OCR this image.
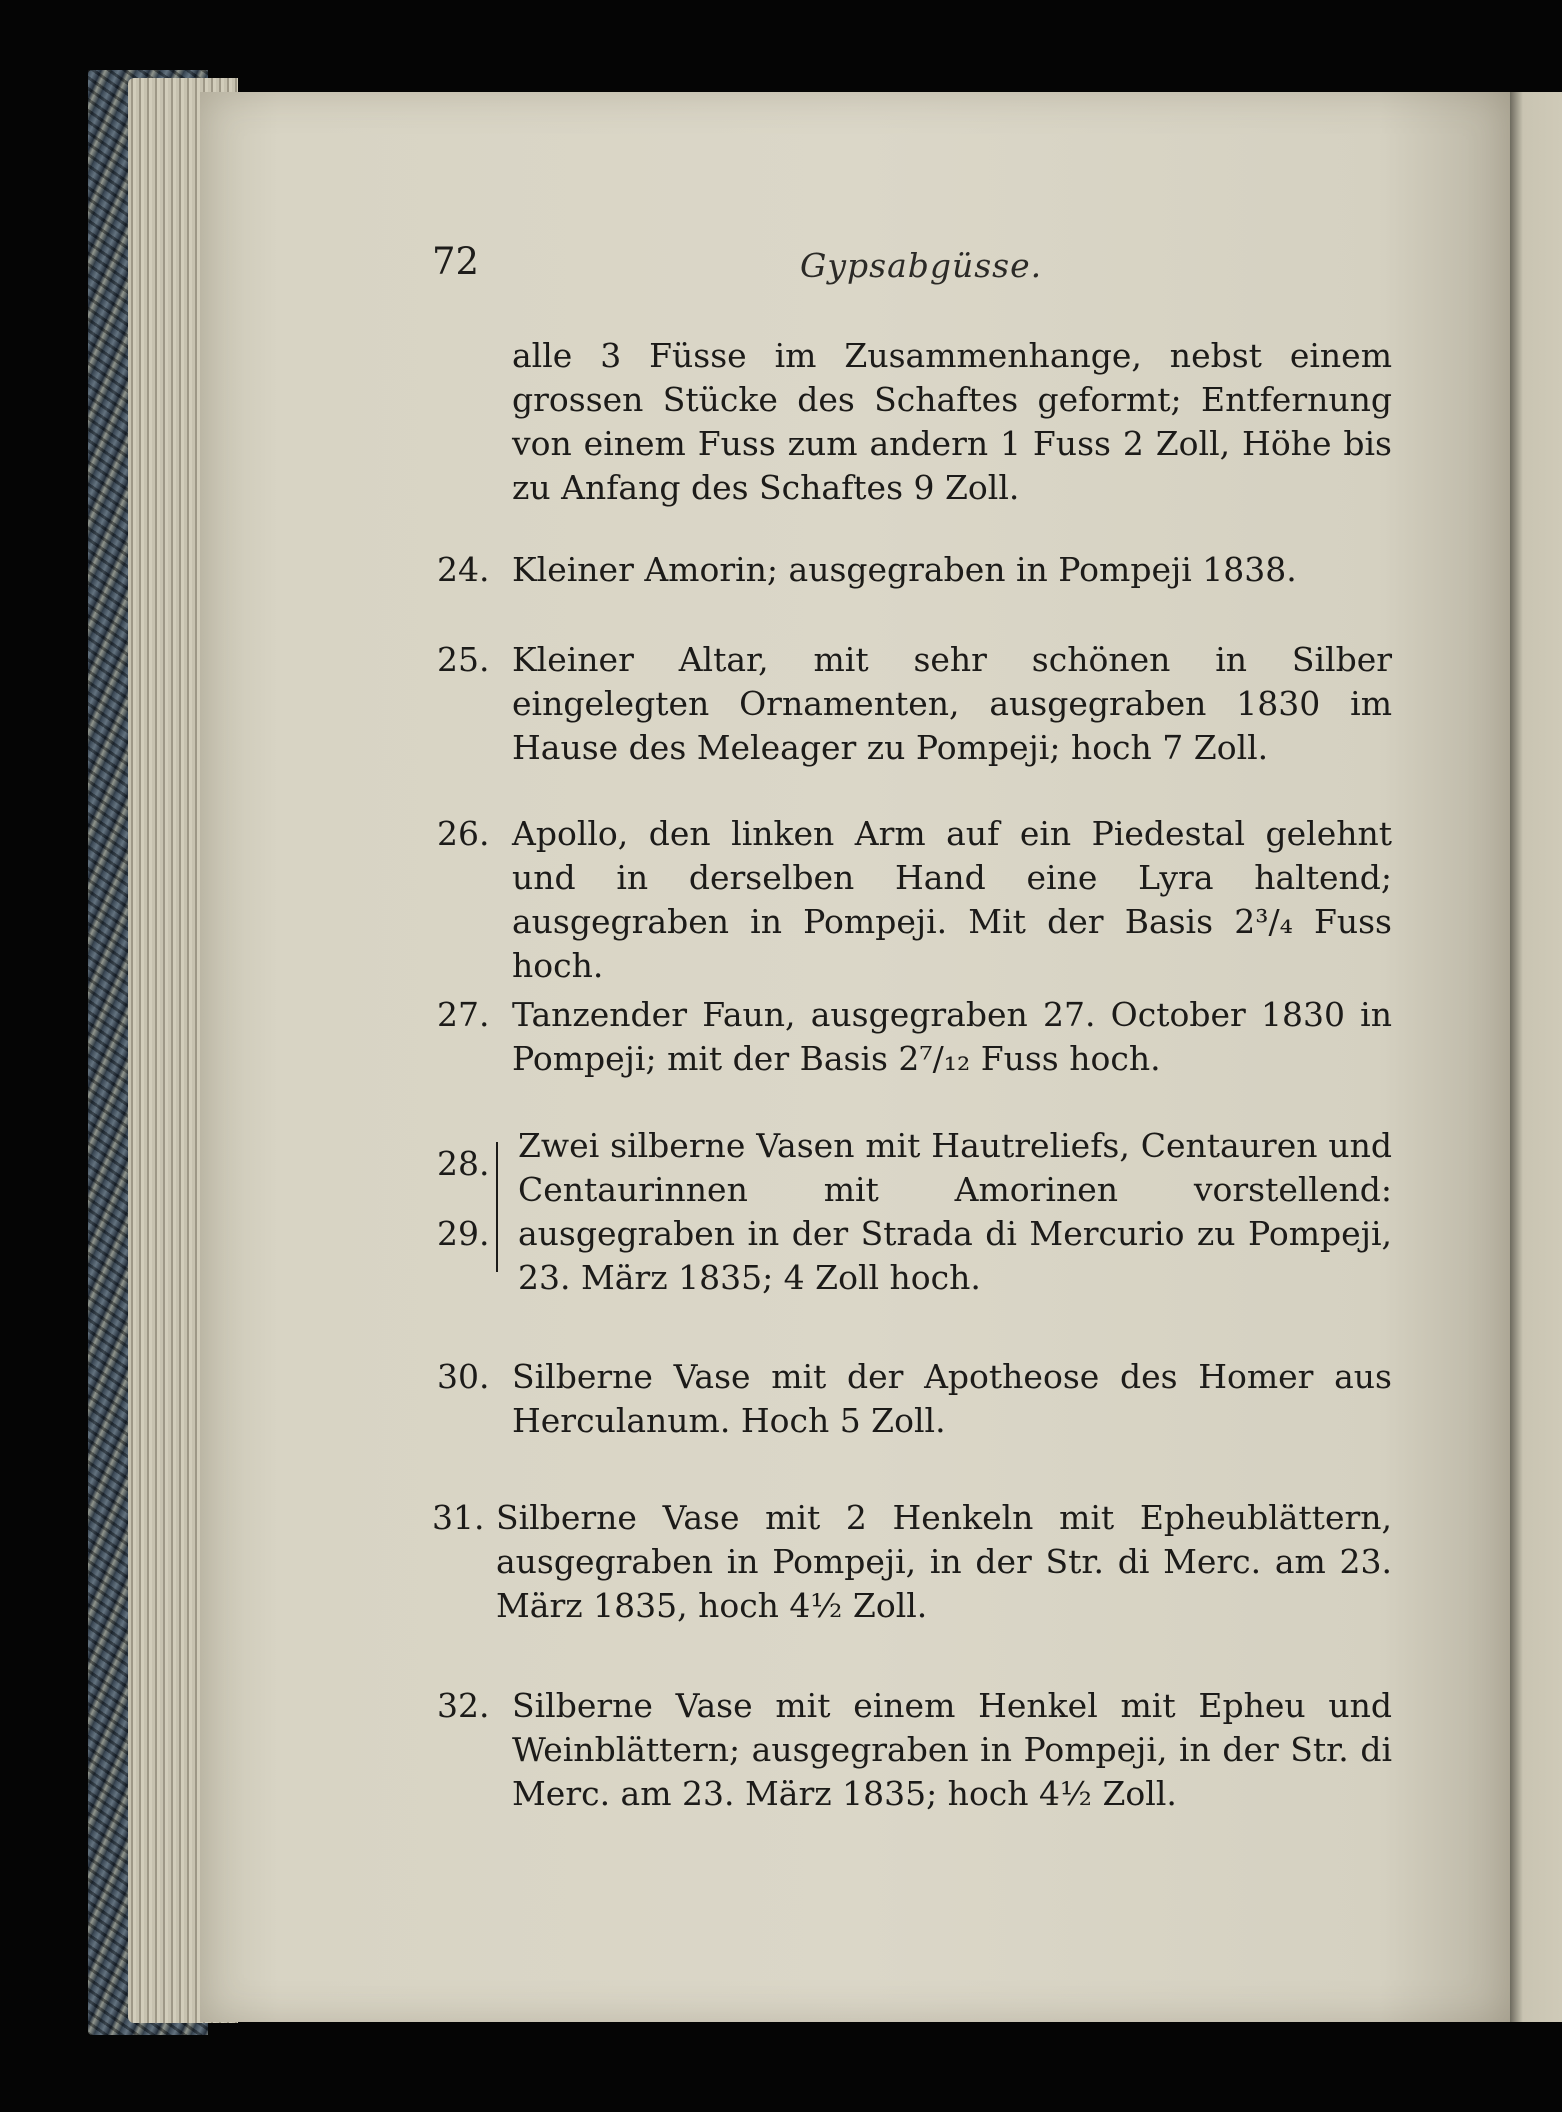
72	Gypsabgüsse.
alle 3 Füsse im Zusammenhange, nebst einem grossen Stücke des Schaftes geformt; Entfernung von einem Fuss zum andern 1 Fuss 2 Zoll, Höhe bis zu Anfang des Schaftes 9 Zoll.
24. Kleiner Amorin; ausgegraben in Pompeji 1838.
25. Kleiner Altar, mit sehr schönen in Silber eingelegten Ornamenten, ausgegraben 1830 im Hause des Meleager zu Pompeji; hoch 7 Zoll.
26. Apollo, den linken Arm auf ein Piedestal gelehnt und in derselben Hand eine Lyra haltend; ausgegraben in Pompeji. Mit der Basis 2³/₄ Fuss hoch.
27. Tanzender Faun, ausgegraben 27. October 1830 in Pompeji; mit der Basis 2⁷/₁₂ Fuss hoch.
28.
29.
Zwei silberne Vasen mit Hautreliefs, Centauren und Centaurinnen mit Amorinen vorstellend: ausgegraben in der Strada di Mercurio zu Pompeji, 23. März 1835; 4 Zoll hoch.
30. Silberne Vase mit der Apotheose des Homer aus Herculanum. Hoch 5 Zoll.
31. Silberne Vase mit 2 Henkeln mit Epheublättern, ausgegraben in Pompeji, in der Str. di Merc. am 23. März 1835, hoch 4½ Zoll.
32. Silberne Vase mit einem Henkel mit Epheu und Weinblättern; ausgegraben in Pompeji, in der Str. di Merc. am 23. März 1835; hoch 4½ Zoll.
